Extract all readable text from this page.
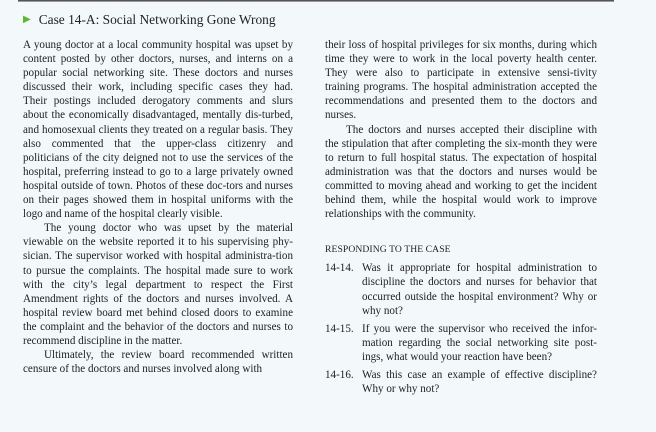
▶ Case 14-A: Social Networking Gone Wrong

A young doctor at a local community hospital was upset by content posted by other doctors, nurses, and interns on a popular social networking site. These doctors and nurses discussed their work, including specific cases they had. Their postings included derogatory comments and slurs about the economically disadvantaged, mentally dis-turbed, and homosexual clients they treated on a regular basis. They also commented that the upper-class citizenry and politicians of the city deigned not to use the services of the hospital, preferring instead to go to a large privately owned hospital outside of town. Photos of these doc-tors and nurses on their pages showed them in hospital uniforms with the logo and name of the hospital clearly visible.

The young doctor who was upset by the material viewable on the website reported it to his supervising phy-sician. The supervisor worked with hospital administra-tion to pursue the complaints. The hospital made sure to work with the city’s legal department to respect the First Amendment rights of the doctors and nurses involved. A hospital review board met behind closed doors to examine the complaint and the behavior of the doctors and nurses to recommend discipline in the matter.

Ultimately, the review board recommended written censure of the doctors and nurses involved along with

their loss of hospital privileges for six months, during which time they were to work in the local poverty health center. They were also to participate in extensive sensi-tivity training programs. The hospital administration accepted the recommendations and presented them to the doctors and nurses.

The doctors and nurses accepted their discipline with the stipulation that after completing the six-month they were to return to full hospital status. The expectation of hospital administration was that the doctors and nurses would be committed to moving ahead and working to get the incident behind them, while the hospital would work to improve relationships with the community.

RESPONDING TO THE CASE
14-14. Was it appropriate for hospital administration to discipline the doctors and nurses for behavior that occurred outside the hospital environment? Why or why not?
14-15. If you were the supervisor who received the infor-mation regarding the social networking site post-ings, what would your reaction have been?
14-16. Was this case an example of effective discipline? Why or why not?
